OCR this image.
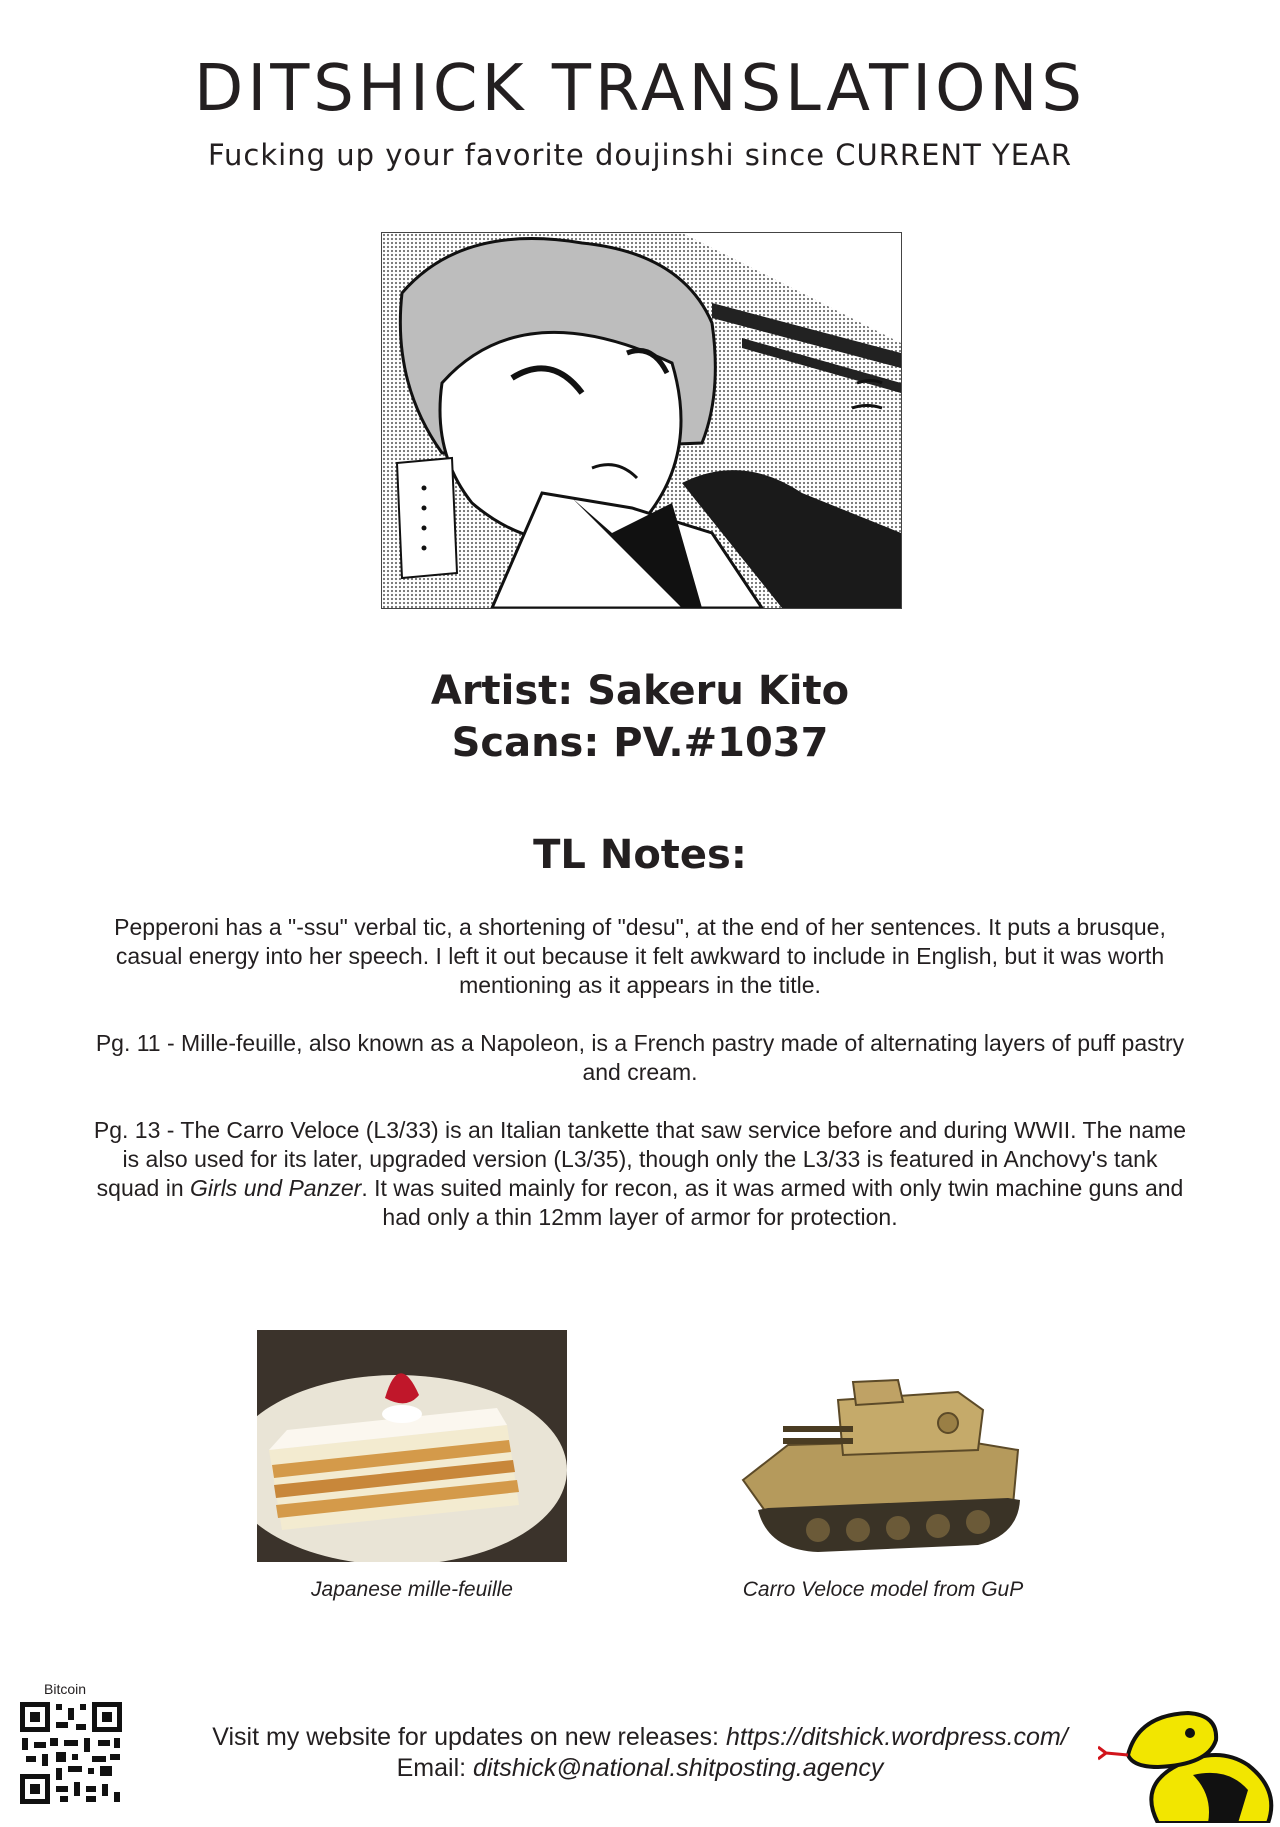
DITSHICK TRANSLATIONS
Fucking up your favorite doujinshi since CURRENT YEAR
Artist: Sakeru Kito
Scans: PV.#1037
TL Notes:

Pepperoni has a "-ssu" verbal tic, a shortening of "desu", at the end of her sentences. It puts a brusque, casual energy into her speech. I left it out because it felt awkward to include in English, but it was worth mentioning as it appears in the title.

Pg. 11 - Mille-feuille, also known as a Napoleon, is a French pastry made of alternating layers of puff pastry and cream.

Pg. 13 - The Carro Veloce (L3/33) is an Italian tankette that saw service before and during WWII. The name is also used for its later, upgraded version (L3/35), though only the L3/33 is featured in Anchovy's tank squad in Girls und Panzer. It was suited mainly for recon, as it was armed with only twin machine guns and had only a thin 12mm layer of armor for protection.

Japanese mille-feuille	Carro Veloce model from GuP
Bitcoin
Visit my website for updates on new releases: https://ditshick.wordpress.com/
Email: ditshick@national.shitposting.agency
